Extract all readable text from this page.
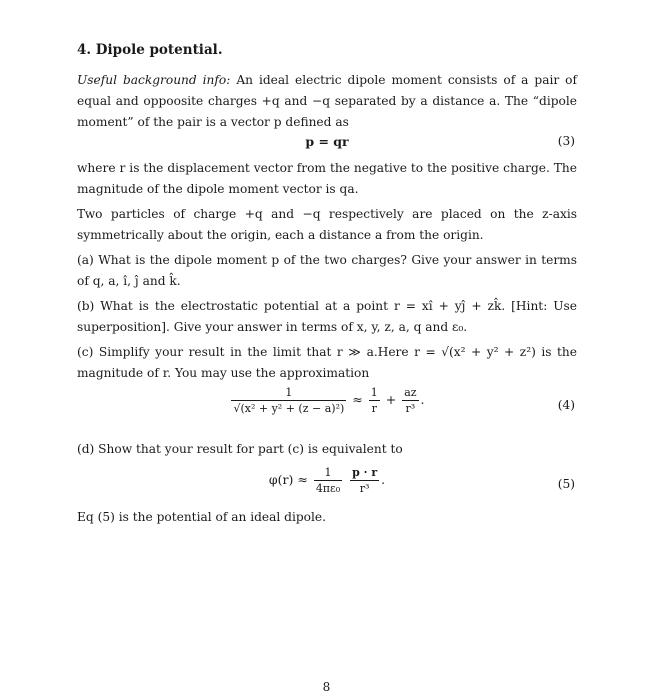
4. Dipole potential.
Useful background info: An ideal electric dipole moment consists of a pair of equal and oppoosite charges +q and −q separated by a distance a. The “dipole moment” of the pair is a vector p defined as
p = qr	(3)
where r is the displacement vector from the negative to the positive charge. The magnitude of the dipole moment vector is qa.
Two particles of charge +q and −q respectively are placed on the z-axis symmetrically about the origin, each a distance a from the origin.
(a) What is the dipole moment p of the two charges? Give your answer in terms of q, a, î, ĵ and k̂.
(b) What is the electrostatic potential at a point r = xî + yĵ + zk̂. [Hint: Use superposition]. Give your answer in terms of x, y, z, a, q and ε₀.
(c) Simplify your result in the limit that r ≫ a.Here r = √(x² + y² + z²) is the magnitude of r. You may use the approximation
$\frac{1}{\text{√(x² + y² + (z − a)²)}} \approx \frac{1}{r} + \frac{az}{\text{r³}}$ .	(4)
(d) Show that your result for part (c) is equivalent to
$\varphi(r) \approx \frac{1}{\text{4πε₀}}$
$\frac{p \cdot r}{\text{r³}}$ .	(5)
Eq (5) is the potential of an ideal dipole.
8
